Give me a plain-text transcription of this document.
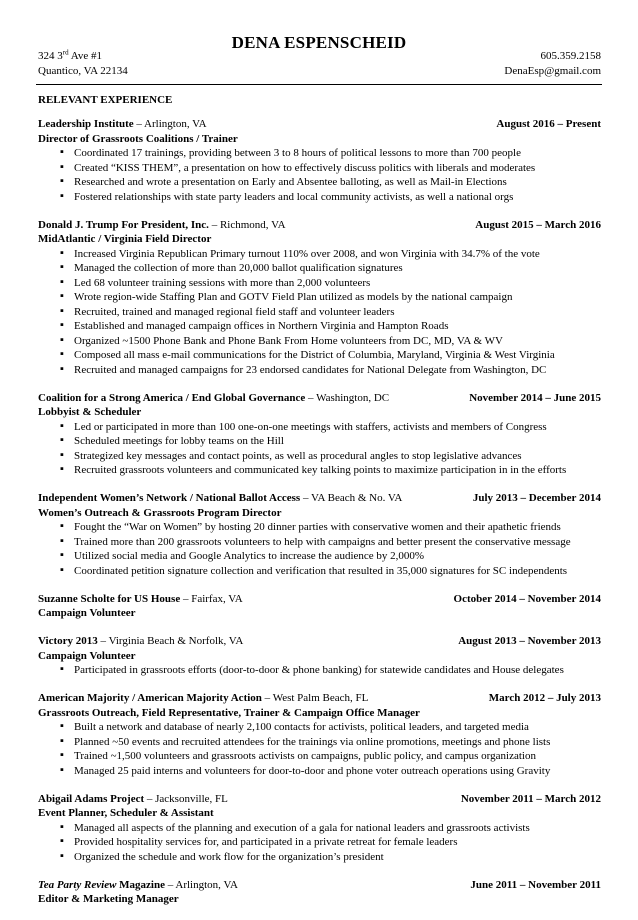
DENA ESPENSCHEID
324 3rd Ave #1
Quantico, VA 22134
605.359.2158
DenaEsp@gmail.com
RELEVANT EXPERIENCE
Leadership Institute – Arlington, VA	August 2016 – Present
Director of Grassroots Coalitions / Trainer
▪ Coordinated 17 trainings, providing between 3 to 8 hours of political lessons to more than 700 people
▪ Created “KISS THEM”, a presentation on how to effectively discuss politics with liberals and moderates
▪ Researched and wrote a presentation on Early and Absentee balloting, as well as Mail-in Elections
▪ Fostered relationships with state party leaders and local community activists, as well a national orgs
Donald J. Trump For President, Inc. – Richmond, VA	August 2015 – March 2016
MidAtlantic / Virginia Field Director
▪ Increased Virginia Republican Primary turnout 110% over 2008, and won Virginia with 34.7% of the vote
▪ Managed the collection of more than 20,000 ballot qualification signatures
▪ Led 68 volunteer training sessions with more than 2,000 volunteers
▪ Wrote region-wide Staffing Plan and GOTV Field Plan utilized as models by the national campaign
▪ Recruited, trained and managed regional field staff and volunteer leaders
▪ Established and managed campaign offices in Northern Virginia and Hampton Roads
▪ Organized ~1500 Phone Bank and Phone Bank From Home volunteers from DC, MD, VA & WV
▪ Composed all mass e-mail communications for the District of Columbia, Maryland, Virginia & West Virginia
▪ Recruited and managed campaigns for 23 endorsed candidates for National Delegate from Washington, DC
Coalition for a Strong America / End Global Governance – Washington, DC	November 2014 – June 2015
Lobbyist & Scheduler
▪ Led or participated in more than 100 one-on-one meetings with staffers, activists and members of Congress
▪ Scheduled meetings for lobby teams on the Hill
▪ Strategized key messages and contact points, as well as procedural angles to stop legislative advances
▪ Recruited grassroots volunteers and communicated key talking points to maximize participation in in the efforts
Independent Women’s Network / National Ballot Access – VA Beach & No. VA	July 2013 – December 2014
Women’s Outreach & Grassroots Program Director
▪ Fought the “War on Women” by hosting 20 dinner parties with conservative women and their apathetic friends
▪ Trained more than 200 grassroots volunteers to help with campaigns and better present the conservative message
▪ Utilized social media and Google Analytics to increase the audience by 2,000%
▪ Coordinated petition signature collection and verification that resulted in 35,000 signatures for SC independents
Suzanne Scholte for US House – Fairfax, VA	October 2014 – November 2014
Campaign Volunteer
Victory 2013 – Virginia Beach & Norfolk, VA	August 2013 – November 2013
Campaign Volunteer
▪ Participated in grassroots efforts (door-to-door & phone banking) for statewide candidates and House delegates
American Majority / American Majority Action – West Palm Beach, FL	March 2012 – July 2013
Grassroots Outreach, Field Representative, Trainer & Campaign Office Manager
▪ Built a network and database of nearly 2,100 contacts for activists, political leaders, and targeted media
▪ Planned ~50 events and recruited attendees for the trainings via online promotions, meetings and phone lists
▪ Trained ~1,500 volunteers and grassroots activists on campaigns, public policy, and campus organization
▪ Managed 25 paid interns and volunteers for door-to-door and phone voter outreach operations using Gravity
Abigail Adams Project – Jacksonville, FL	November 2011 – March 2012
Event Planner, Scheduler & Assistant
▪ Managed all aspects of the planning and execution of a gala for national leaders and grassroots activists
▪ Provided hospitality services for, and participated in a private retreat for female leaders
▪ Organized the schedule and work flow for the organization’s president
Tea Party Review Magazine – Arlington, VA	June 2011 – November 2011
Editor & Marketing Manager
